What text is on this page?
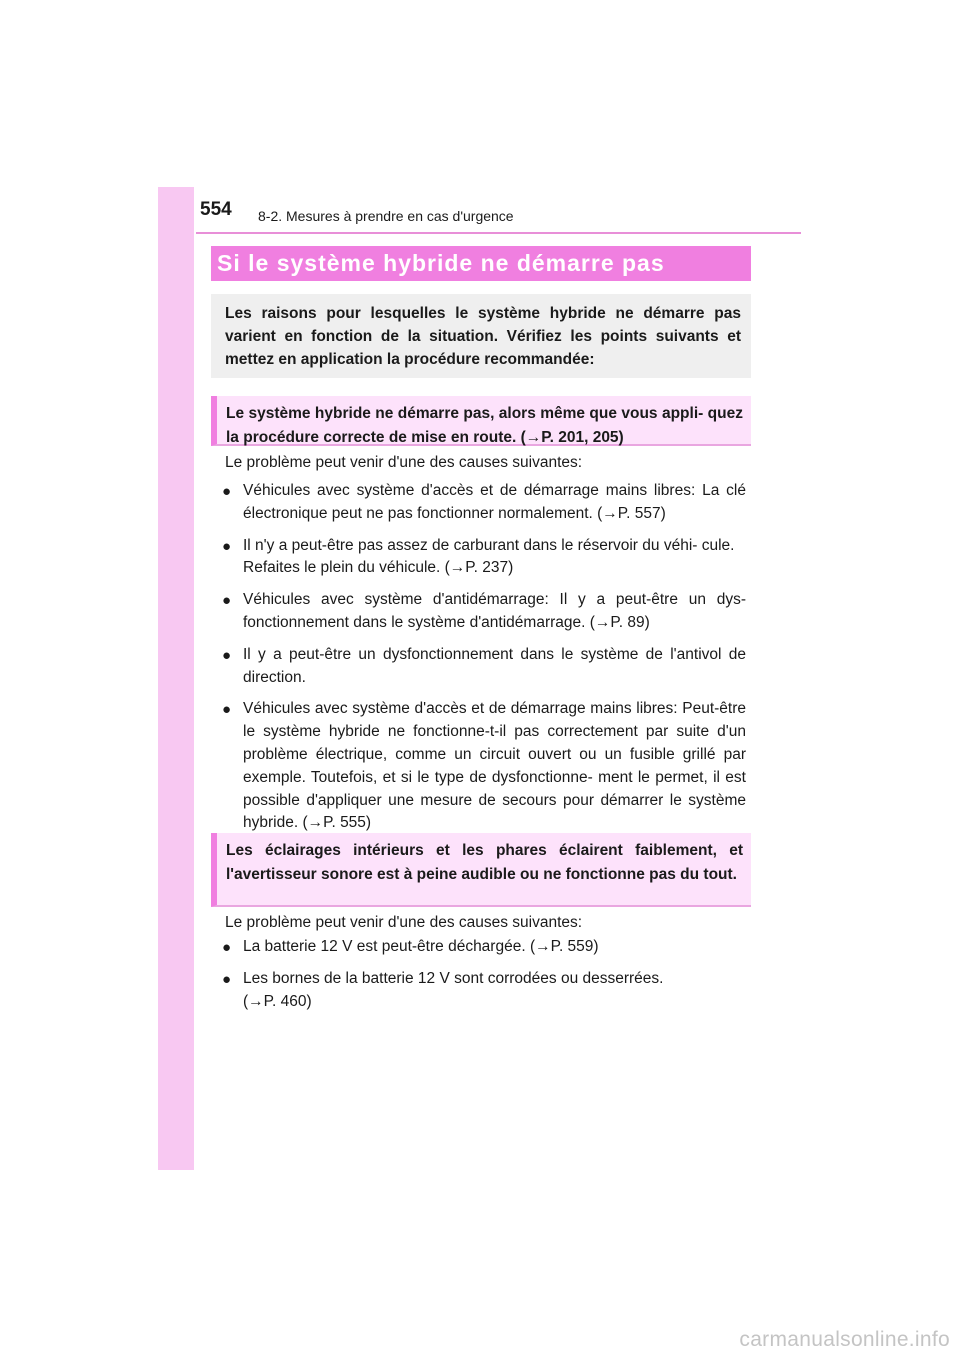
554 8-2. Mesures à prendre en cas d'urgence
Si le système hybride ne démarre pas

Les raisons pour lesquelles le système hybride ne démarre pas varient en fonction de la situation. Vérifiez les points suivants et mettez en application la procédure recommandée:

Le système hybride ne démarre pas, alors même que vous appli- quez la procédure correcte de mise en route. (→P. 201, 205)

Le problème peut venir d'une des causes suivantes:
● Véhicules avec système d'accès et de démarrage mains libres: La clé électronique peut ne pas fonctionner normalement. (→P. 557)
● Il n'y a peut-être pas assez de carburant dans le réservoir du véhi- cule.
Refaites le plein du véhicule. (→P. 237)
● Véhicules avec système d'antidémarrage: Il y a peut-être un dys- fonctionnement dans le système d'antidémarrage. (→P. 89)
● Il y a peut-être un dysfonctionnement dans le système de l'antivol de direction.
● Véhicules avec système d'accès et de démarrage mains libres: Peut-être le système hybride ne fonctionne-t-il pas correctement par suite d'un problème électrique, comme un circuit ouvert ou un fusible grillé par exemple. Toutefois, et si le type de dysfonctionne- ment le permet, il est possible d'appliquer une mesure de secours pour démarrer le système hybride. (→P. 555)

Les éclairages intérieurs et les phares éclairent faiblement, et l'avertisseur sonore est à peine audible ou ne fonctionne pas du tout.

Le problème peut venir d'une des causes suivantes:
● La batterie 12 V est peut-être déchargée. (→P. 559)
● Les bornes de la batterie 12 V sont corrodées ou desserrées.
(→P. 460)
carmanualsonline.info
